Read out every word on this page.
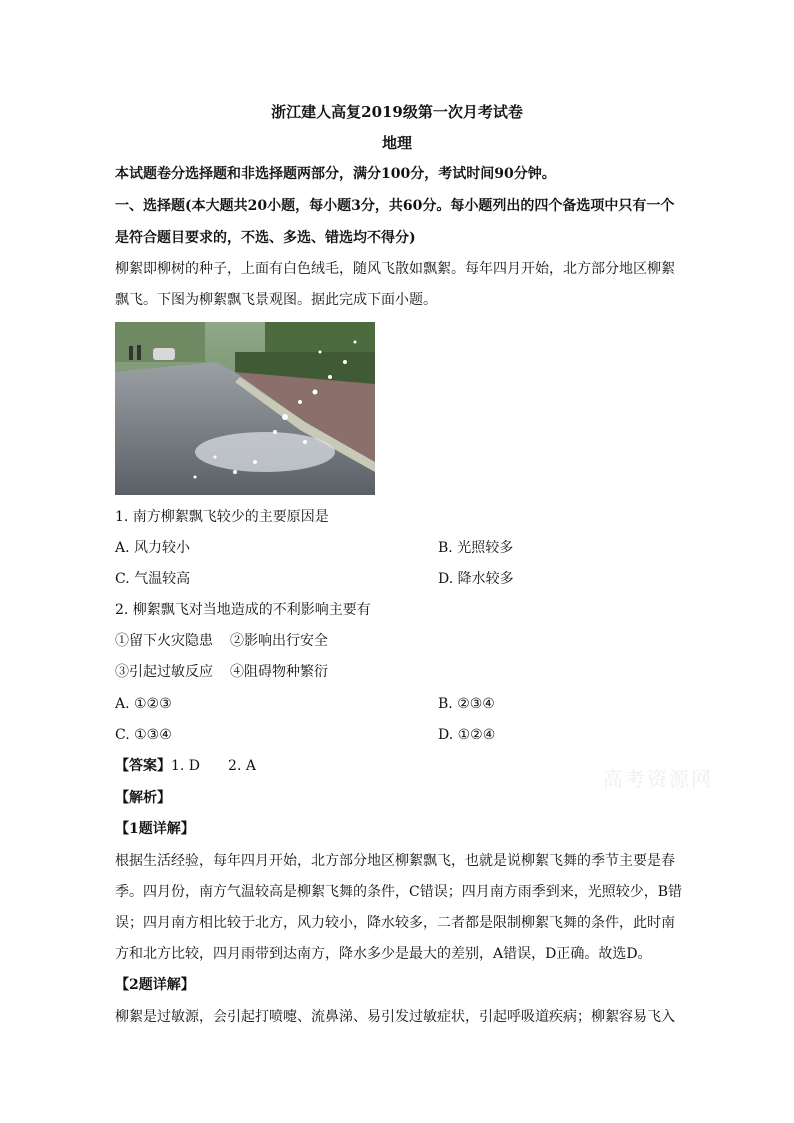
浙江建人高复2019级第一次月考试卷
地理
本试题卷分选择题和非选择题两部分，满分100分，考试时间90分钟。
一、选择题(本大题共20小题，每小题3分，共60分。每小题列出的四个备选项中只有一个
是符合题目要求的，不选、多选、错选均不得分)
柳絮即柳树的种子，上面有白色绒毛，随风飞散如飘絮。每年四月开始，北方部分地区柳絮
飘飞。下图为柳絮飘飞景观图。据此完成下面小题。
1. 南方柳絮飘飞较少的主要原因是
A. 风力较小	B. 光照较多
C. 气温较高	D. 降水较多
2. 柳絮飘飞对当地造成的不利影响主要有
①留下火灾隐患 ②影响出行安全
③引起过敏反应 ④阻碍物种繁衍
A. ①②③	B. ②③④
C. ①③④	D. ①②④
【答案】1. D 2. A
高考资源网
【解析】
【1题详解】
根据生活经验，每年四月开始，北方部分地区柳絮飘飞，也就是说柳絮飞舞的季节主要是春
季。四月份，南方气温较高是柳絮飞舞的条件，C错误；四月南方雨季到来，光照较少，B错
误；四月南方相比较于北方，风力较小，降水较多，二者都是限制柳絮飞舞的条件，此时南
方和北方比较，四月雨带到达南方，降水多少是最大的差别，A错误，D正确。故选D。
【2题详解】
柳絮是过敏源，会引起打喷嚏、流鼻涕、易引发过敏症状，引起呼吸道疾病；柳絮容易飞入
